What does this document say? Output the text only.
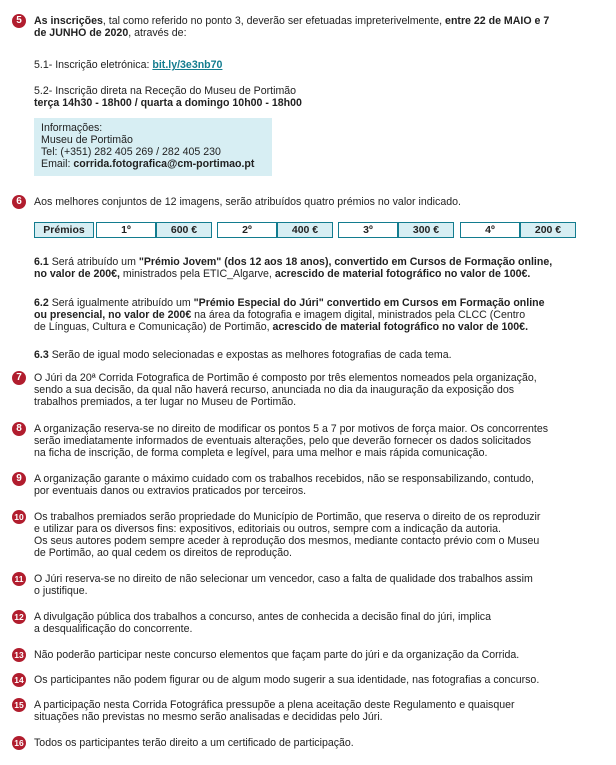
5	As inscrições, tal como referido no ponto 3, deverão ser efetuadas impreterivelmente, entre 22 de MAIO e 7
de JUNHO de 2020, através de:
5.1- Inscrição eletrónica: bit.ly/3e3nb70
5.2- Inscrição direta na Receção do Museu de Portimão
terça 14h30 - 18h00 / quarta a domingo 10h00 - 18h00
Informações:
Museu de Portimão
Tel: (+351) 282 405 269 / 282 405 230
Email: corrida.fotografica@cm-portimao.pt
6	Aos melhores conjuntos de 12 imagens, serão atribuídos quatro prémios no valor indicado.
Prémios	1º	600 €	2º	400 €	3º	300 €	4º	200 €
6.1 Será atribuído um "Prémio Jovem" (dos 12 aos 18 anos), convertido em Cursos de Formação online,
no valor de 200€, ministrados pela ETIC_Algarve, acrescido de material fotográfico no valor de 100€.
6.2 Será igualmente atribuído um "Prémio Especial do Júri" convertido em Cursos em Formação online
ou presencial, no valor de 200€ na área da fotografia e imagem digital, ministrados pela CLCC (Centro
de Línguas, Cultura e Comunicação) de Portimão, acrescido de material fotográfico no valor de 100€.
6.3 Serão de igual modo selecionadas e expostas as melhores fotografias de cada tema.
7	O Júri da 20ª Corrida Fotografica de Portimão é composto por três elementos nomeados pela organização,
sendo a sua decisão, da qual não haverá recurso, anunciada no dia da inauguração da exposição dos
trabalhos premiados, a ter lugar no Museu de Portimão.
8	A organização reserva-se no direito de modificar os pontos 5 a 7 por motivos de força maior. Os concorrentes
serão imediatamente informados de eventuais alterações, pelo que deverão fornecer os dados solicitados
na ficha de inscrição, de forma completa e legível, para uma melhor e mais rápida comunicação.
9	A organização garante o máximo cuidado com os trabalhos recebidos, não se responsabilizando, contudo,
por eventuais danos ou extravios praticados por terceiros.
10 Os trabalhos premiados serão propriedade do Município de Portimão, que reserva o direito de os reproduzir
e utilizar para os diversos fins: expositivos, editoriais ou outros, sempre com a indicação da autoria.
Os seus autores podem sempre aceder à reprodução dos mesmos, mediante contacto prévio com o Museu
de Portimão, ao qual cedem os direitos de reprodução.
11 O Júri reserva-se no direito de não selecionar um vencedor, caso a falta de qualidade dos trabalhos assim
o justifique.
12 A divulgação pública dos trabalhos a concurso, antes de conhecida a decisão final do júri, implica
a desqualificação do concorrente.
13 Não poderão participar neste concurso elementos que façam parte do júri e da organização da Corrida.
14 Os participantes não podem figurar ou de algum modo sugerir a sua identidade, nas fotografias a concurso.
15 A participação nesta Corrida Fotográfica pressupõe a plena aceitação deste Regulamento e quaisquer
situações não previstas no mesmo serão analisadas e decididas pelo Júri.
16 Todos os participantes terão direito a um certificado de participação.
